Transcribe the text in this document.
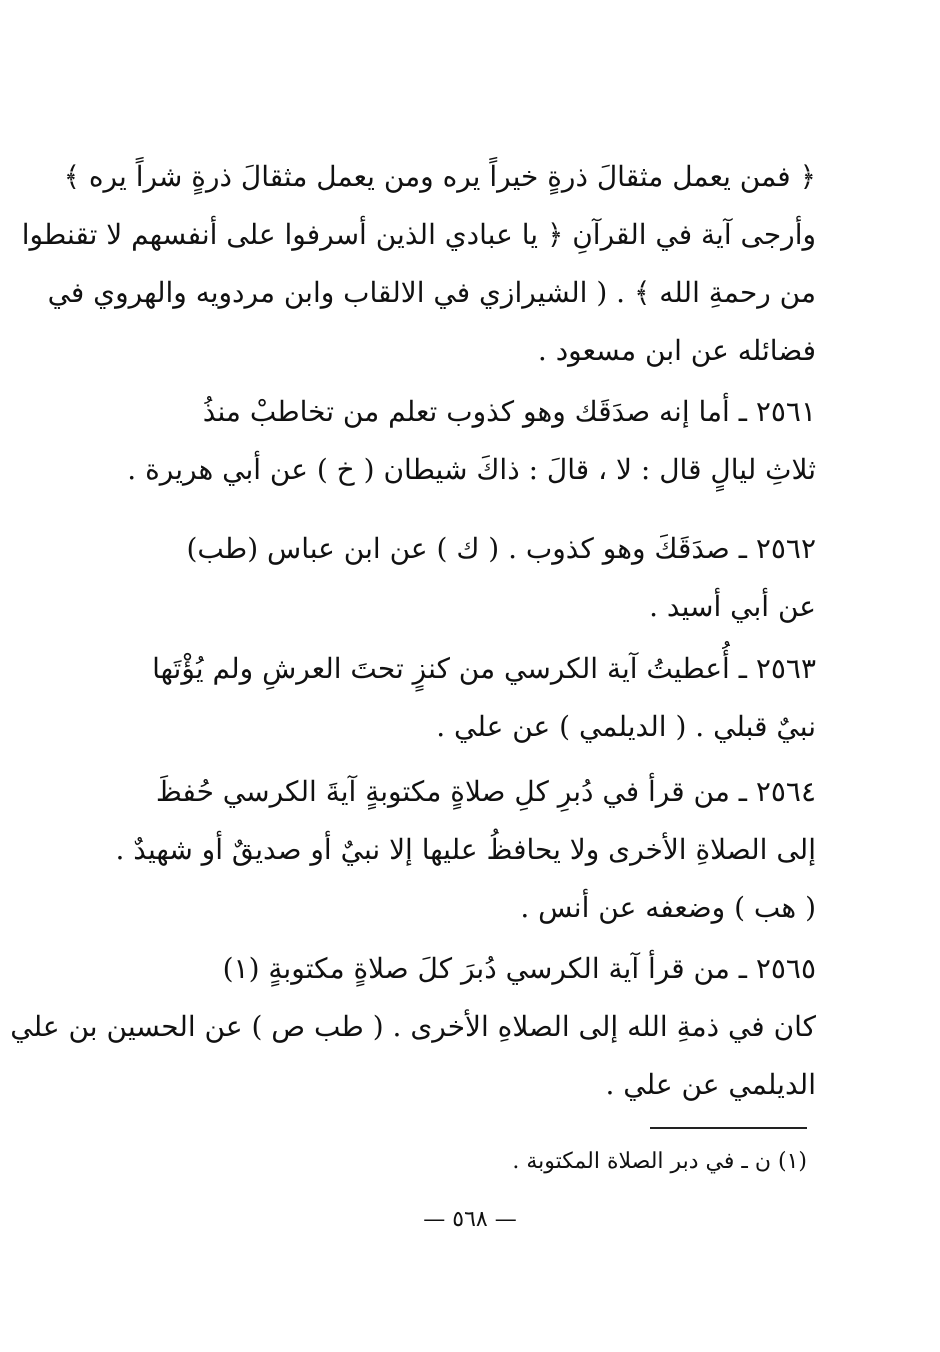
﴿ فمن يعمل مثقالَ ذرةٍ خيراً يره ومن يعمل مثقالَ ذرةٍ شراً يره ﴾
وأرجى آية في القرآنِ ﴿ يا عبادي الذين أسرفوا على أنفسهم لا تقنطوا
من رحمةِ الله ﴾ . ( الشيرازي في الالقاب وابن مردويه والهروي في
فضائله عن ابن مسعود .
٢٥٦١ ـ أما إنه صدَقَك وهو كذوب تعلم من تخاطبْ منذُ
ثلاثِ ليالٍ قال : لا ، قالَ : ذاكَ شيطان ( خ ) عن أبي هريرة .
٢٥٦٢ ـ صدَقَكَ وهو كذوب . ( ك ) عن ابن عباس (طب)
عن أبي أسيد .
٢٥٦٣ ـ أُعطيتُ آية الكرسي من كنزٍ تحتَ العرشِ ولم يُؤْتَها
نبيٌ قبلي . ( الديلمي ) عن علي .
٢٥٦٤ ـ من قرأ في دُبرِ كلِ صلاةٍ مكتوبةٍ آيةَ الكرسي حُفظَ
إلى الصلاةِ الأخرى ولا يحافظُ عليها إلا نبيٌ أو صديقٌ أو شهيدٌ .
( هب ) وضعفه عن أنس .
٢٥٦٥ ـ من قرأ آية الكرسي دُبرَ كلَ صلاةٍ مكتوبةٍ (١)
كان في ذمةِ الله إلى الصلاهِ الأخرى . ( طب ص ) عن الحسين بن علي
الديلمي عن علي .
(١) ن ـ في دبر الصلاة المكتوبة .
— ٥٦٨ —
